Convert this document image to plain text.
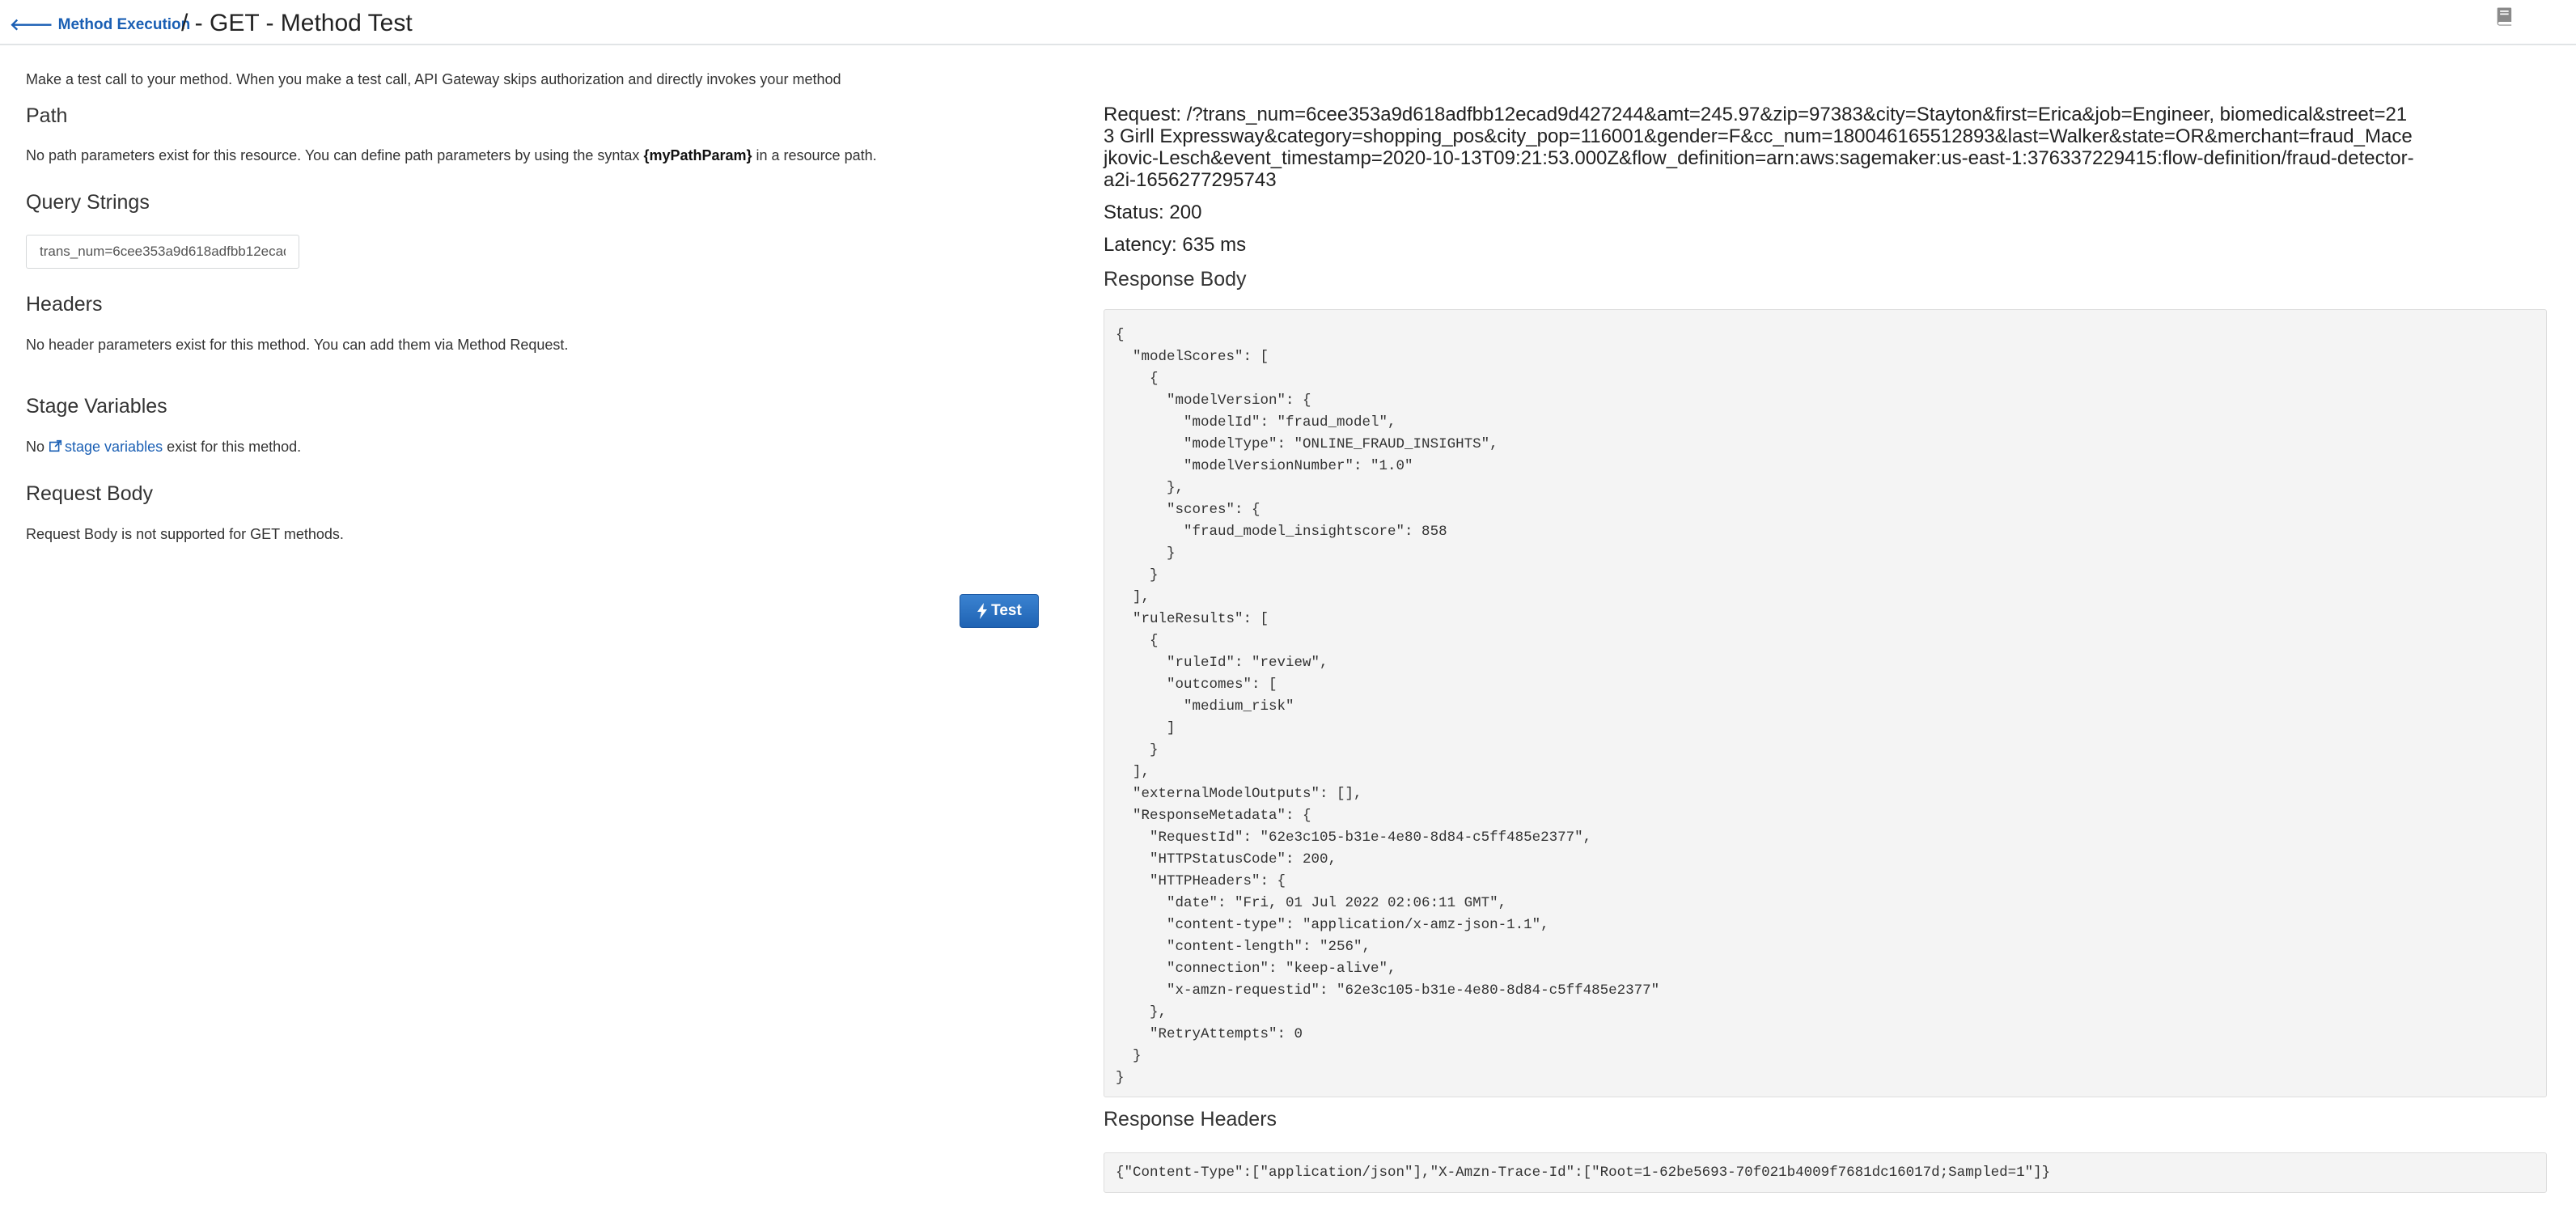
🡐 Method Execution
/ - GET - Method Test
Make a test call to your method. When you make a test call, API Gateway skips authorization and directly invokes your method
Path
No path parameters exist for this resource. You can define path parameters by using the syntax {myPathParam} in a resource path.
Query Strings
trans_num=6cee353a9d618adfbb12ecad9d427244&amt=245.97&zip=97383&city=Stayton&first=Erica&job=Engineer, biomedical&street=213 Girll Expressway&category=shopping_pos&city_pop=116001&gender=F&cc_num=180046165512893&last=Walker&state=OR&merchant=fraud_Macejkovic-Lesch&event_timestamp=2020-10-13T09:21:53.000Z&flow_definition=arn:aws:sagemaker:us-east-1:376337229415:flow-definition/fraud-detector-a2i-1656277295743
Headers
No header parameters exist for this method. You can add them via Method Request.
Stage Variables
No stage variables exist for this method.
Request Body
Request Body is not supported for GET methods.
Test
Request: /?trans_num=6cee353a9d618adfbb12ecad9d427244&amt=245.97&zip=97383&city=Stayton&first=Erica&job=Engineer, biomedical&street=213 Girll Expressway&category=shopping_pos&city_pop=116001&gender=F&cc_num=180046165512893&last=Walker&state=OR&merchant=fraud_Macejkovic-Lesch&event_timestamp=2020-10-13T09:21:53.000Z&flow_definition=arn:aws:sagemaker:us-east-1:376337229415:flow-definition/fraud-detector-a2i-1656277295743
Status: 200
Latency: 635 ms
Response Body
{
"modelScores": [
{
"modelVersion": {
"modelId": "fraud_model",
"modelType": "ONLINE_FRAUD_INSIGHTS",
"modelVersionNumber": "1.0"
},
"scores": {
"fraud_model_insightscore": 858
}
}
],
"ruleResults": [
{
"ruleId": "review",
"outcomes": [
"medium_risk"
]
}
],
"externalModelOutputs": [],
"ResponseMetadata": {
"RequestId": "62e3c105-b31e-4e80-8d84-c5ff485e2377",
"HTTPStatusCode": 200,
"HTTPHeaders": {
"date": "Fri, 01 Jul 2022 02:06:11 GMT",
"content-type": "application/x-amz-json-1.1",
"content-length": "256",
"connection": "keep-alive",
"x-amzn-requestid": "62e3c105-b31e-4e80-8d84-c5ff485e2377"
},
"RetryAttempts": 0
}
}
Response Headers
{"Content-Type":["application/json"],"X-Amzn-Trace-Id":["Root=1-62be5693-70f021b4009f7681dc16017d;Sampled=1"]}
